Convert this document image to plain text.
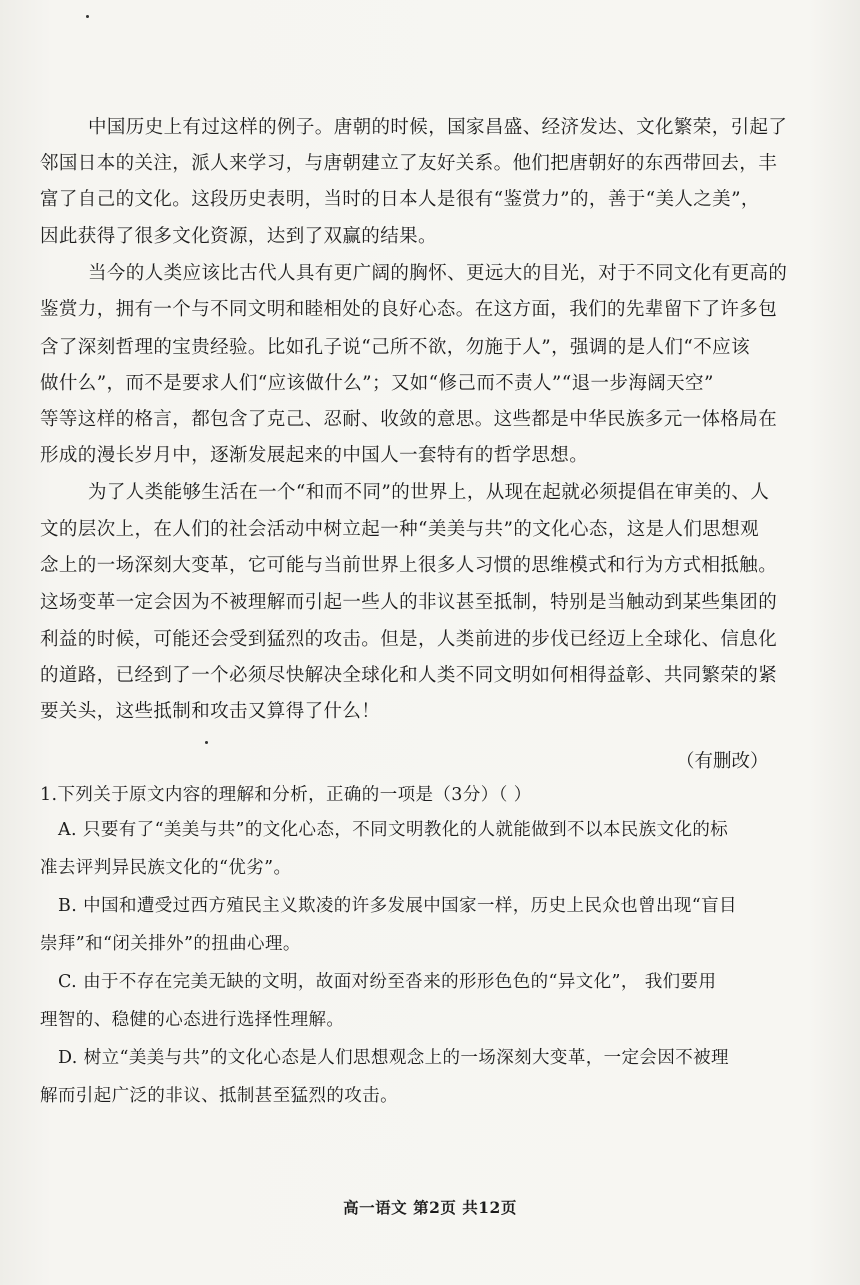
中国历史上有过这样的例子。唐朝的时候，国家昌盛、经济发达、文化繁荣，引起了
邻国日本的关注，派人来学习，与唐朝建立了友好关系。他们把唐朝好的东西带回去，丰
富了自己的文化。这段历史表明，当时的日本人是很有“鉴赏力”的，善于“美人之美”，
因此获得了很多文化资源，达到了双赢的结果。
当今的人类应该比古代人具有更广阔的胸怀、更远大的目光，对于不同文化有更高的
鉴赏力，拥有一个与不同文明和睦相处的良好心态。在这方面，我们的先辈留下了许多包
含了深刻哲理的宝贵经验。比如孔子说“己所不欲，勿施于人”，强调的是人们“不应该
做什么”，而不是要求人们“应该做什么”；又如“修己而不责人”“退一步海阔天空”
等等这样的格言，都包含了克己、忍耐、收敛的意思。这些都是中华民族多元一体格局在
形成的漫长岁月中，逐渐发展起来的中国人一套特有的哲学思想。
为了人类能够生活在一个“和而不同”的世界上，从现在起就必须提倡在审美的、人
文的层次上，在人们的社会活动中树立起一种“美美与共”的文化心态，这是人们思想观
念上的一场深刻大变革，它可能与当前世界上很多人习惯的思维模式和行为方式相抵触。
这场变革一定会因为不被理解而引起一些人的非议甚至抵制，特别是当触动到某些集团的
利益的时候，可能还会受到猛烈的攻击。但是，人类前进的步伐已经迈上全球化、信息化
的道路，已经到了一个必须尽快解决全球化和人类不同文明如何相得益彰、共同繁荣的紧
要关头，这些抵制和攻击又算得了什么！
（有删改）
1.下列关于原文内容的理解和分析，正确的一项是（3分）（ ）
A. 只要有了“美美与共”的文化心态，不同文明教化的人就能做到不以本民族文化的标
准去评判异民族文化的“优劣”。
B. 中国和遭受过西方殖民主义欺凌的许多发展中国家一样，历史上民众也曾出现“盲目
崇拜”和“闭关排外”的扭曲心理。
C. 由于不存在完美无缺的文明，故面对纷至沓来的形形色色的“异文化”， 我们要用
理智的、稳健的心态进行选择性理解。
D. 树立“美美与共”的文化心态是人们思想观念上的一场深刻大变革，一定会因不被理
解而引起广泛的非议、抵制甚至猛烈的攻击。
高一语文 第2页 共12页
